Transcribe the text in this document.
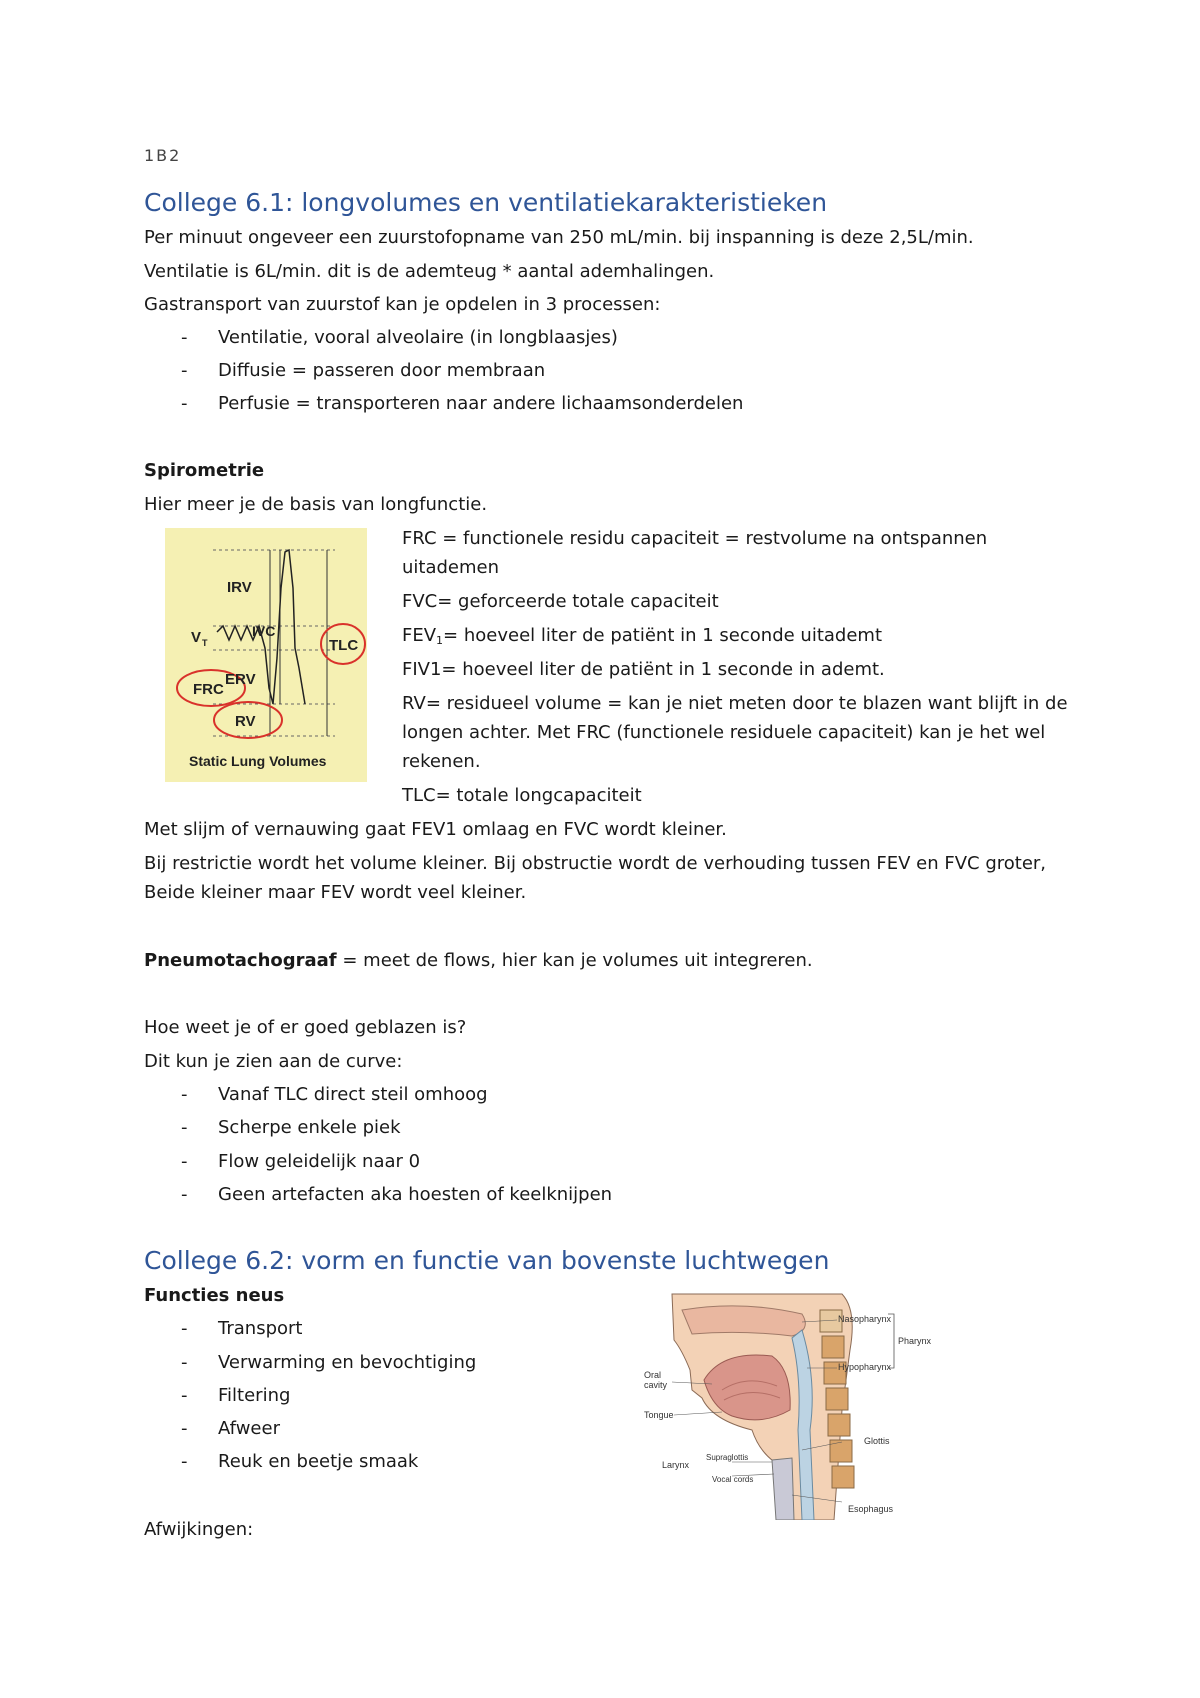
1B2
College 6.1: longvolumes en ventilatiekarakteristieken
Per minuut ongeveer een zuurstofopname van 250 mL/min. bij inspanning is deze 2,5L/min.
Ventilatie is 6L/min. dit is de ademteug * aantal ademhalingen.
Gastransport van zuurstof kan je opdelen in 3 processen:
- Ventilatie, vooral alveolaire (in longblaasjes)
- Diffusie = passeren door membraan
- Perfusie = transporteren naar andere lichaamsonderdelen
Spirometrie
Hier meer je de basis van longfunctie.
IRV
V T
IVC
TLC
ERV
FRC
RV
Static Lung Volumes
FRC = functionele residu capaciteit = restvolume na ontspannen
uitademen
FVC= geforceerde totale capaciteit
$FEV_1=$ hoeveel liter de patiënt in 1 seconde uitademt
FIV1= hoeveel liter de patiënt in 1 seconde in ademt.
RV= residueel volume = kan je niet meten door te blazen want blijft in de
longen achter. Met FRC (functionele residuele capaciteit) kan je het wel
rekenen.
TLC= totale longcapaciteit
Met slijm of vernauwing gaat FEV1 omlaag en FVC wordt kleiner.
Bij restrictie wordt het volume kleiner. Bij obstructie wordt de verhouding tussen FEV en FVC groter,
Beide kleiner maar FEV wordt veel kleiner.
Pneumotachograaf = meet de flows, hier kan je volumes uit integreren.
Hoe weet je of er goed geblazen is?
Dit kun je zien aan de curve:
- Vanaf TLC direct steil omhoog
- Scherpe enkele piek
- Flow geleidelijk naar 0
- Geen artefacten aka hoesten of keelknijpen
College 6.2: vorm en functie van bovenste luchtwegen
Functies neus
- Transport
- Verwarming en bevochtiging
- Filtering
- Afweer
- Reuk en beetje smaak
Afwijkingen:
Nasopharynx
Pharynx
Hypopharynx
Oral
cavity
Tongue
Glottis
Larynx
Supraglottis
Vocal cords
Esophagus
